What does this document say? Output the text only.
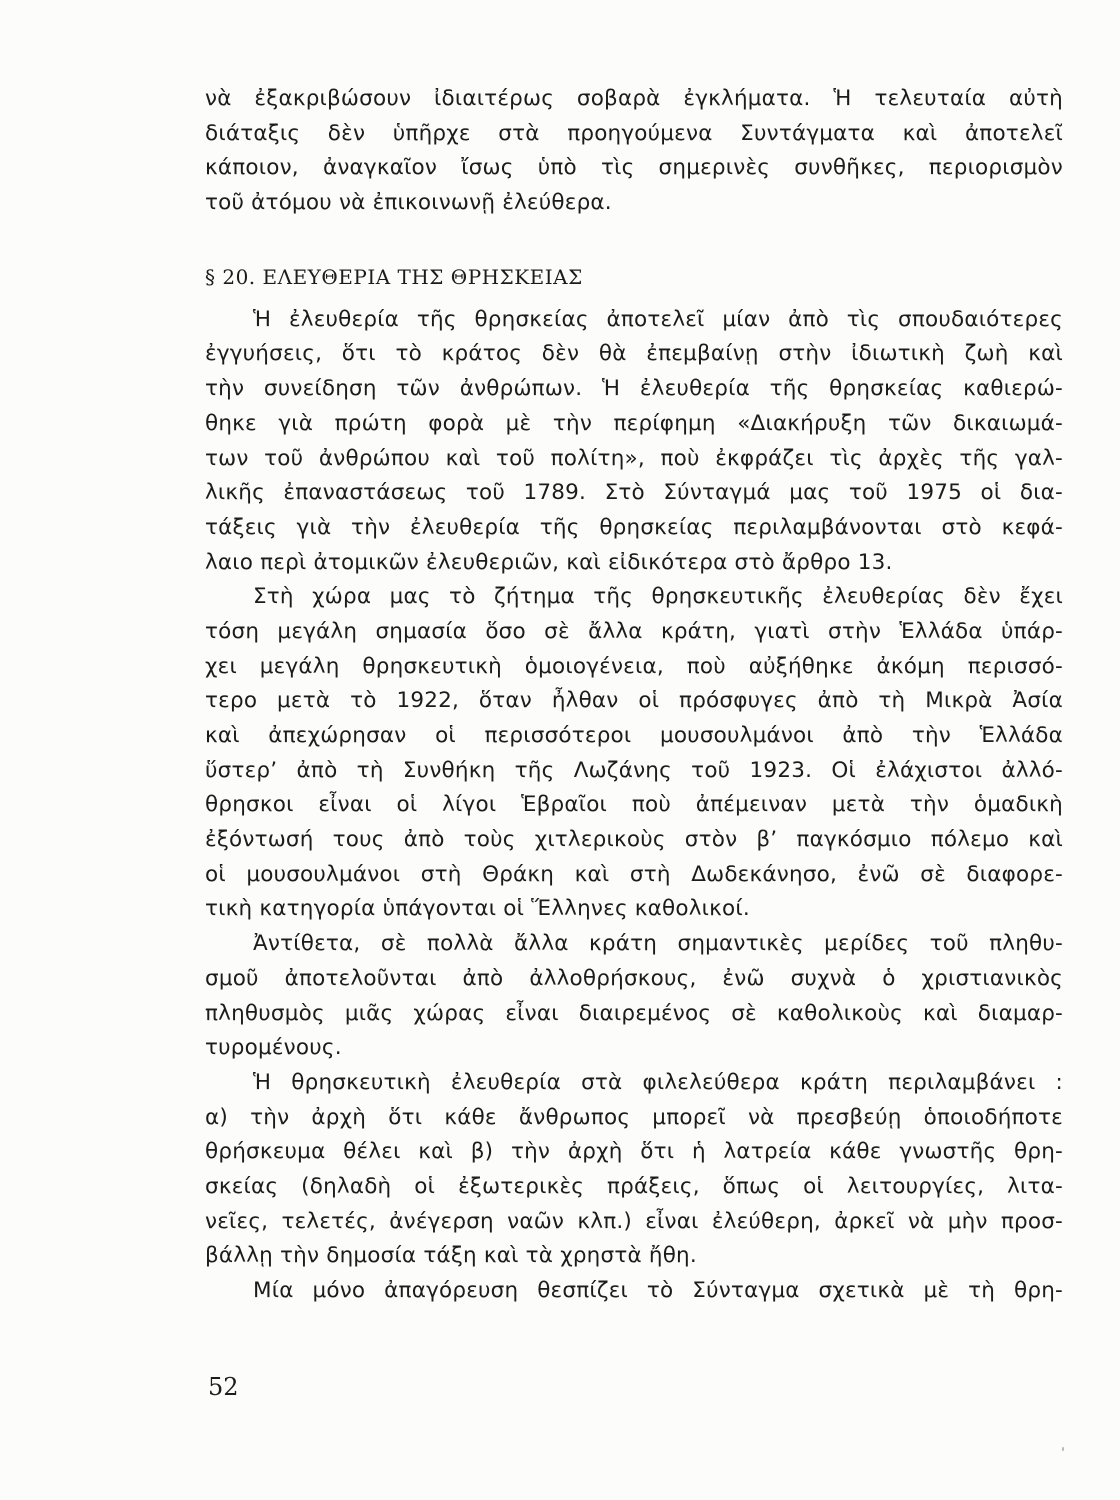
νὰ ἐξακριβώσουν ἰδιαιτέρως σοβαρὰ ἐγκλήματα. Ἡ τελευταία αὐτὴ
διάταξις δὲν ὑπῆρχε στὰ προηγούμενα Συντάγματα καὶ ἀποτελεῖ
κάποιον, ἀναγκαῖον ἴσως ὑπὸ τὶς σημερινὲς συνθῆκες, περιορισμὸν
τοῦ ἀτόμου νὰ ἐπικοινωνῇ ἐλεύθερα.
§ 20. ΕΛΕΥΘΕΡΙΑ ΤΗΣ ΘΡΗΣΚΕΙΑΣ
Ἡ ἐλευθερία τῆς θρησκείας ἀποτελεῖ μίαν ἀπὸ τὶς σπουδαιότερες
ἐγγυήσεις, ὅτι τὸ κράτος δὲν θὰ ἐπεμβαίνῃ στὴν ἰδιωτικὴ ζωὴ καὶ
τὴν συνείδηση τῶν ἀνθρώπων. Ἡ ἐλευθερία τῆς θρησκείας καθιερώ-
θηκε γιὰ πρώτη φορὰ μὲ τὴν περίφημη «Διακήρυξη τῶν δικαιωμά-
των τοῦ ἀνθρώπου καὶ τοῦ πολίτη», ποὺ ἐκφράζει τὶς ἀρχὲς τῆς γαλ-
λικῆς ἐπαναστάσεως τοῦ 1789. Στὸ Σύνταγμά μας τοῦ 1975 οἱ δια-
τάξεις γιὰ τὴν ἐλευθερία τῆς θρησκείας περιλαμβάνονται στὸ κεφά-
λαιο περὶ ἀτομικῶν ἐλευθεριῶν, καὶ εἰδικότερα στὸ ἄρθρο 13.
Στὴ χώρα μας τὸ ζήτημα τῆς θρησκευτικῆς ἐλευθερίας δὲν ἔχει
τόση μεγάλη σημασία ὅσο σὲ ἄλλα κράτη, γιατὶ στὴν Ἑλλάδα ὑπάρ-
χει μεγάλη θρησκευτικὴ ὁμοιογένεια, ποὺ αὐξήθηκε ἀκόμη περισσό-
τερο μετὰ τὸ 1922, ὅταν ἦλθαν οἱ πρόσφυγες ἀπὸ τὴ Μικρὰ Ἀσία
καὶ ἀπεχώρησαν οἱ περισσότεροι μουσουλμάνοι ἀπὸ τὴν Ἑλλάδα
ὕστερ’ ἀπὸ τὴ Συνθήκη τῆς Λωζάνης τοῦ 1923. Οἱ ἐλάχιστοι ἀλλό-
θρησκοι εἶναι οἱ λίγοι Ἑβραῖοι ποὺ ἀπέμειναν μετὰ τὴν ὁμαδικὴ
ἐξόντωσή τους ἀπὸ τοὺς χιτλερικοὺς στὸν β’ παγκόσμιο πόλεμο καὶ
οἱ μουσουλμάνοι στὴ Θράκη καὶ στὴ Δωδεκάνησο, ἐνῶ σὲ διαφορε-
τικὴ κατηγορία ὑπάγονται οἱ Ἕλληνες καθολικοί.
Ἀντίθετα, σὲ πολλὰ ἄλλα κράτη σημαντικὲς μερίδες τοῦ πληθυ-
σμοῦ ἀποτελοῦνται ἀπὸ ἀλλοθρήσκους, ἐνῶ συχνὰ ὁ χριστιανικὸς
πληθυσμὸς μιᾶς χώρας εἶναι διαιρεμένος σὲ καθολικοὺς καὶ διαμαρ-
τυρομένους.
Ἡ θρησκευτικὴ ἐλευθερία στὰ φιλελεύθερα κράτη περιλαμβάνει :
α) τὴν ἀρχὴ ὅτι κάθε ἄνθρωπος μπορεῖ νὰ πρεσβεύῃ ὁποιοδήποτε
θρήσκευμα θέλει καὶ β) τὴν ἀρχὴ ὅτι ἡ λατρεία κάθε γνωστῆς θρη-
σκείας (δηλαδὴ οἱ ἐξωτερικὲς πράξεις, ὅπως οἱ λειτουργίες, λιτα-
νεῖες, τελετές, ἀνέγερση ναῶν κλπ.) εἶναι ἐλεύθερη, ἀρκεῖ νὰ μὴν προσ-
βάλλῃ τὴν δημοσία τάξη καὶ τὰ χρηστὰ ἤθη.
Μία μόνο ἀπαγόρευση θεσπίζει τὸ Σύνταγμα σχετικὰ μὲ τὴ θρη-
52
